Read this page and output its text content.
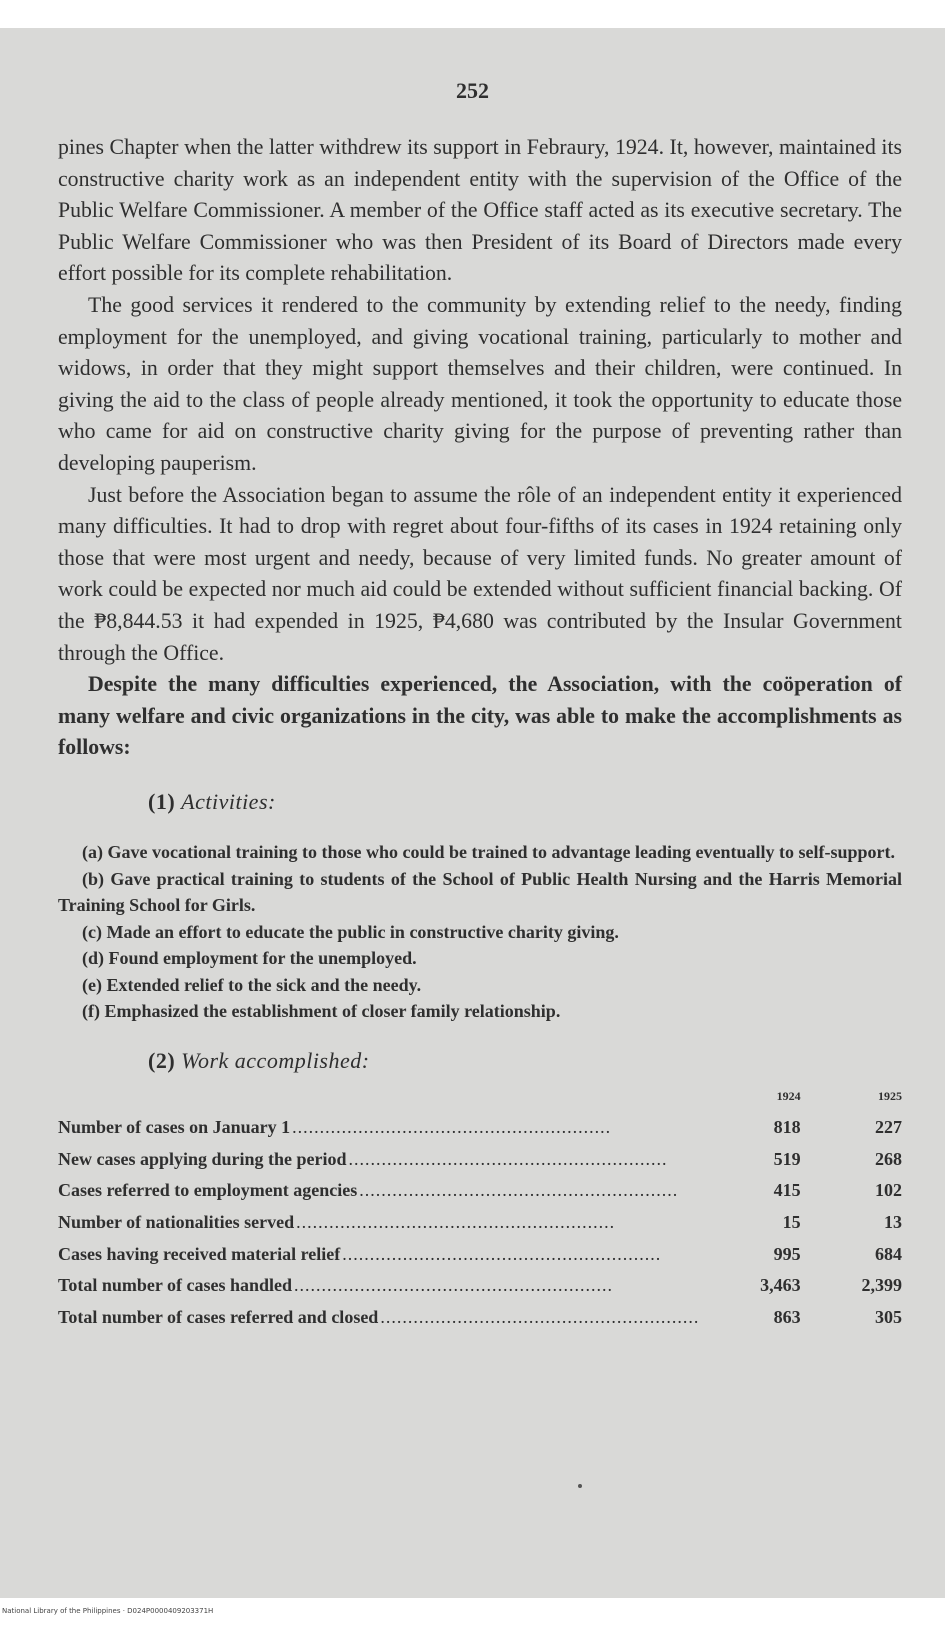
252

pines Chapter when the latter withdrew its support in Febraury, 1924. It, however, maintained its constructive charity work as an independent entity with the supervision of the Office of the Public Welfare Commissioner. A member of the Office staff acted as its executive secretary. The Public Welfare Commissioner who was then President of its Board of Directors made every effort possible for its complete rehabilitation.

The good services it rendered to the community by extending relief to the needy, finding employment for the unemployed, and giving vocational training, particularly to mother and widows, in order that they might support themselves and their children, were continued. In giving the aid to the class of people already mentioned, it took the opportunity to educate those who came for aid on constructive charity giving for the purpose of preventing rather than developing pauperism.

Just before the Association began to assume the rôle of an independent entity it experienced many difficulties. It had to drop with regret about four-fifths of its cases in 1924 retaining only those that were most urgent and needy, because of very limited funds. No greater amount of work could be expected nor much aid could be extended without sufficient financial backing. Of the ₱8,844.53 it had expended in 1925, ₱4,680 was contributed by the Insular Government through the Office.

Despite the many difficulties experienced, the Association, with the coöperation of many welfare and civic organizations in the city, was able to make the accomplishments as follows:

(1) Activities:
(a) Gave vocational training to those who could be trained to advantage leading eventually to self-support.
(b) Gave practical training to students of the School of Public Health Nursing and the Harris Memorial Training School for Girls.
(c) Made an effort to educate the public in constructive charity giving.
(d) Found employment for the unemployed.
(e) Extended relief to the sick and the needy.
(f) Emphasized the establishment of closer family relationship.
(2) Work accomplished:
	1924	1925
Number of cases on January 1 ..........................................................	818	227
New cases applying during the period ..........................................................	519	268
Cases referred to employment agencies ..........................................................	415	102
Number of nationalities served ..........................................................	15	13
Cases having received material relief ..........................................................	995	684
Total number of cases handled ..........................................................	3,463	2,399
Total number of cases referred and closed ..........................................................	863	305
National Library of the Philippines · D024P0000409203371H
